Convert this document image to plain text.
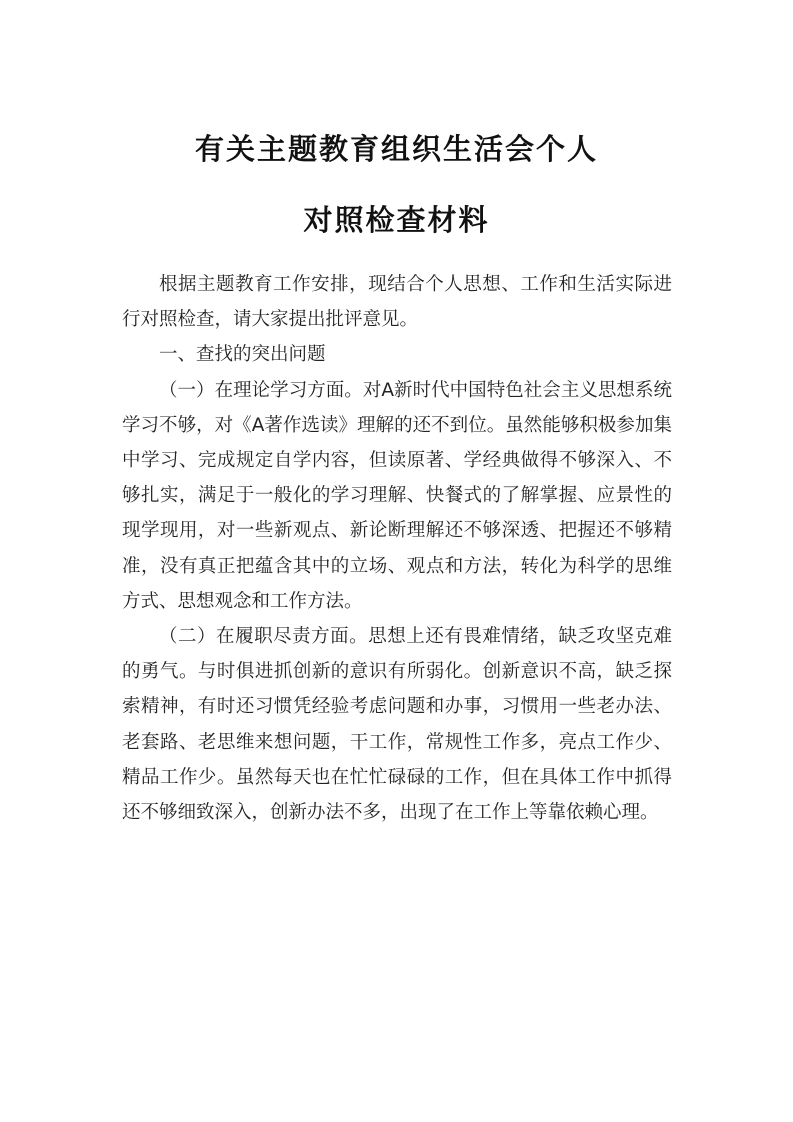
有关主题教育组织生活会个人
对照检查材料

根据主题教育工作安排，现结合个人思想、工作和生活实际进行对照检查，请大家提出批评意见。

一、查找的突出问题

（一）在理论学习方面。对A新时代中国特色社会主义思想系统学习不够，对《A著作选读》理解的还不到位。虽然能够积极参加集中学习、完成规定自学内容，但读原著、学经典做得不够深入、不够扎实，满足于一般化的学习理解、快餐式的了解掌握、应景性的现学现用，对一些新观点、新论断理解还不够深透、把握还不够精准，没有真正把蕴含其中的立场、观点和方法，转化为科学的思维方式、思想观念和工作方法。

（二）在履职尽责方面。思想上还有畏难情绪，缺乏攻坚克难的勇气。与时俱进抓创新的意识有所弱化。创新意识不高，缺乏探索精神，有时还习惯凭经验考虑问题和办事，习惯用一些老办法、老套路、老思维来想问题，干工作，常规性工作多，亮点工作少、精品工作少。虽然每天也在忙忙碌碌的工作，但在具体工作中抓得还不够细致深入，创新办法不多，出现了在工作上等靠依赖心理。
